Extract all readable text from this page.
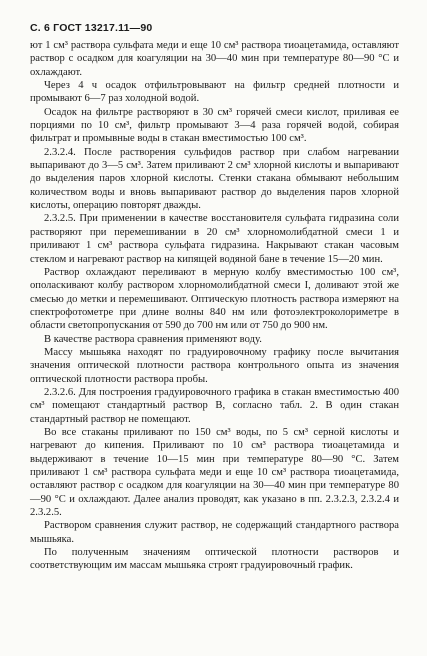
С. 6 ГОСТ 13217.11—90

ют 1 см³ раствора сульфата меди и еще 10 см³ раствора тиоацетамида, оставляют раствор с осадком для коагуляции на 30—40 мин при температуре 80—90 °С и охлаждают.

Через 4 ч осадок отфильтровывают на фильтр средней плотности и промывают 6—7 раз холодной водой.

Осадок на фильтре растворяют в 30 см³ горячей смеси кислот, приливая ее порциями по 10 см³, фильтр промывают 3—4 раза горячей водой, собирая фильтрат и промывные воды в стакан вместимостью 100 см³.

2.3.2.4. После растворения сульфидов раствор при слабом нагревании выпаривают до 3—5 см³. Затем приливают 2 см³ хлорной кислоты и выпаривают до выделения паров хлорной кислоты. Стенки стакана обмывают небольшим количеством воды и вновь выпаривают раствор до выделения паров хлорной кислоты, операцию повторят дважды.

2.3.2.5. При применении в качестве восстановителя сульфата гидразина соли растворяют при перемешивании в 20 см³ хлорномолибдатной смеси 1 и приливают 1 см³ раствора сульфата гидразина. Накрывают стакан часовым стеклом и нагревают раствор на кипящей водяной бане в течение 15—20 мин.

Раствор охлаждают переливают в мерную колбу вместимостью 100 см³, ополаскивают колбу раствором хлорномолибдатной смеси I, доливают этой же смесью до метки и перемешивают. Оптическую плотность раствора измеряют на спектрофотометре при длине волны 840 нм или фотоэлектроколориметре в области светопропускания от 590 до 700 нм или от 750 до 900 нм.

В качестве раствора сравнения применяют воду.

Массу мышьяка находят по градуировочному графику после вычитания значения оптической плотности раствора контрольного опыта из значения оптической плотности раствора пробы.

2.3.2.6. Для построения градуировочного графика в стакан вместимостью 400 см³ помещают стандартный раствор В, согласно табл. 2. В один стакан стандартный раствор не помещают.

Во все стаканы приливают по 150 см³ воды, по 5 см³ серной кислоты и нагревают до кипения. Приливают по 10 см³ раствора тиоацетамида и выдерживают в течение 10—15 мин при температуре 80—90 °С. Затем приливают 1 см³ раствора сульфата меди и еще 10 см³ раствора тиоацетамида, оставляют раствор с осадком для коагуляции на 30—40 мин при температуре 80—90 °С и охлаждают. Далее анализ проводят, как указано в пп. 2.3.2.3, 2.3.2.4 и 2.3.2.5.

Раствором сравнения служит раствор, не содержащий стандартного раствора мышьяка.

По полученным значениям оптической плотности растворов и соответствующим им массам мышьяка строят градуировочный график.
